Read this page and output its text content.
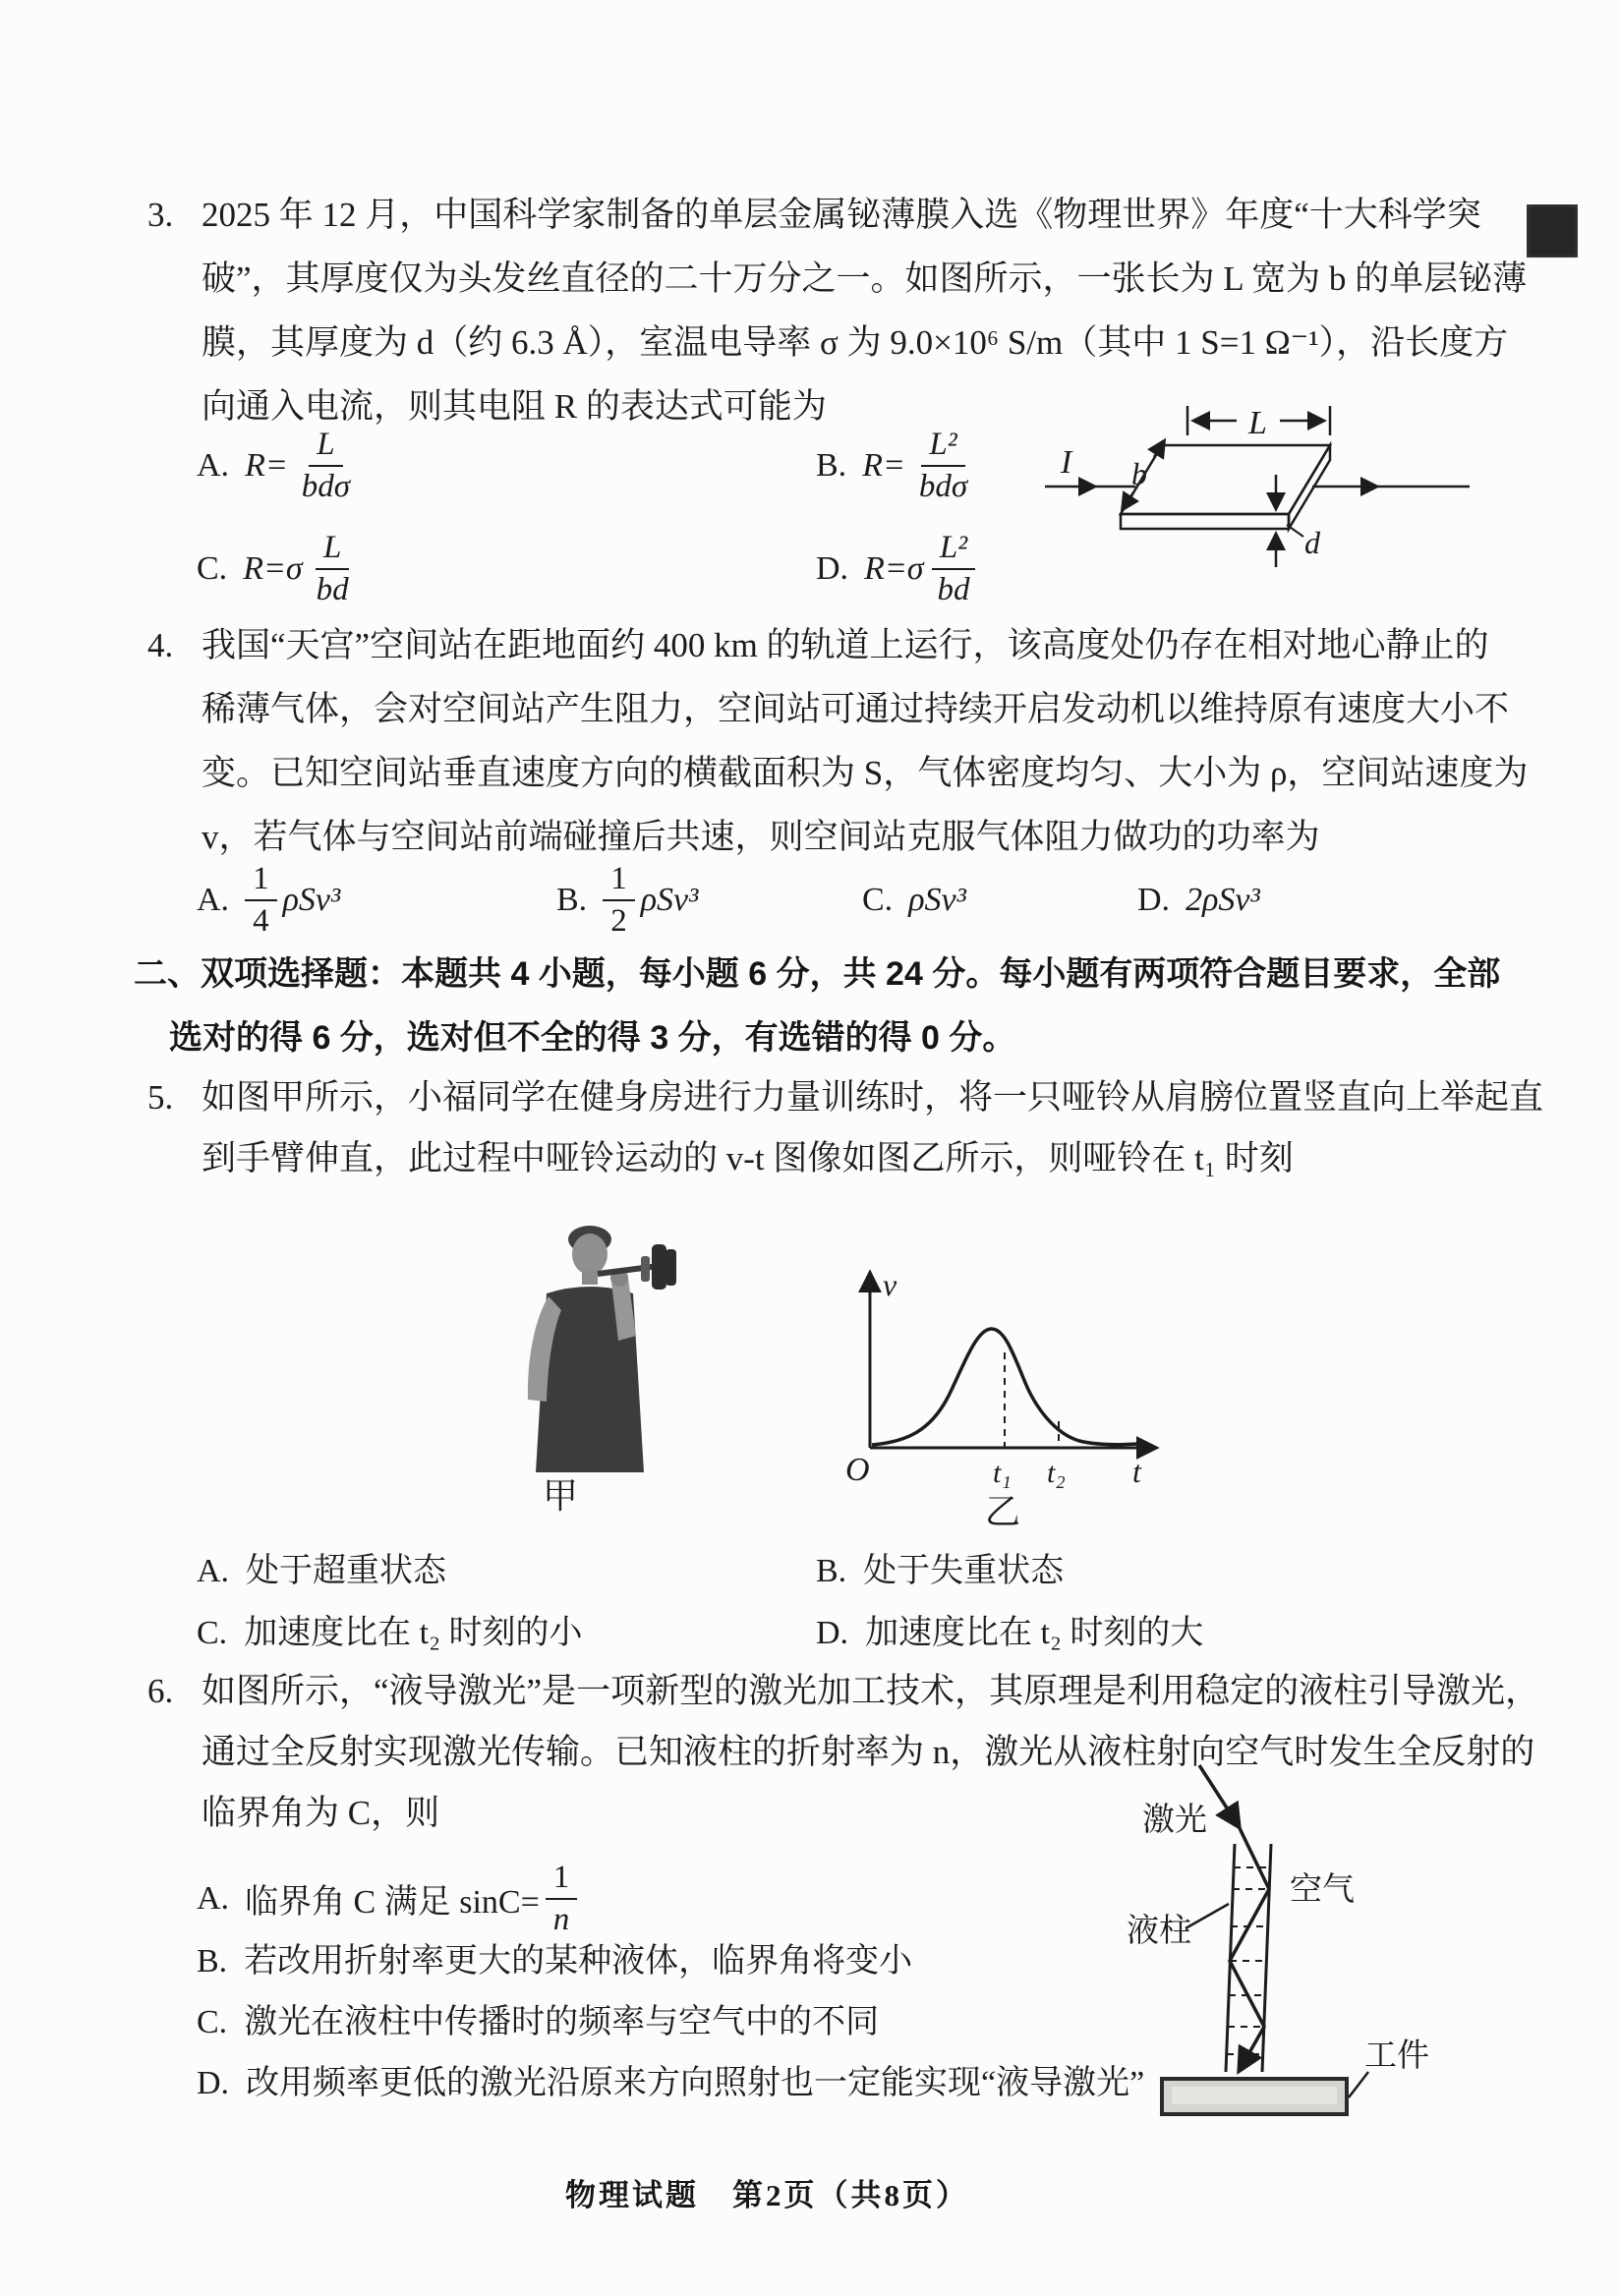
3. 2025 年 12 月，中国科学家制备的单层金属铋薄膜入选《物理世界》年度“十大科学突
破”，其厚度仅为头发丝直径的二十万分之一。如图所示，一张长为 L 宽为 b 的单层铋薄
膜，其厚度为 d（约 6.3 Å），室温电导率 σ 为 9.0×10⁶ S/m（其中 1 S=1 Ω⁻¹），沿长度方
向通入电流，则其电阻 R 的表达式可能为
A. $R= \frac{L}{\text{bdσ}}$	B. $R= \frac{\text{L²}}{\text{bdσ}}$
C. $R=\sigma \frac{L}{bd}$	D. $R=\sigma \frac{\text{L²}}{bd}$
L
I b
d
4. 我国“天宫”空间站在距地面约 400 km 的轨道上运行，该高度处仍存在相对地心静止的
稀薄气体，会对空间站产生阻力，空间站可通过持续开启发动机以维持原有速度大小不
变。已知空间站垂直速度方向的横截面积为 S，气体密度均匀、大小为 ρ，空间站速度为
v，若气体与空间站前端碰撞后共速，则空间站克服气体阻力做功的功率为
A. $\frac{1}{4} \rho Sv^3$	B. $\frac{1}{2} \rho Sv^3$	C. ρSv³	D. 2ρSv³
二、双项选择题：本题共 4 小题，每小题 6 分，共 24 分。每小题有两项符合题目要求，全部
选对的得 6 分，选对但不全的得 3 分，有选错的得 0 分。
5. 如图甲所示，小福同学在健身房进行力量训练时，将一只哑铃从肩膀位置竖直向上举起直
到手臂伸直，此过程中哑铃运动的 v-t 图像如图乙所示，则哑铃在 t₁ 时刻
甲
v
O	t₁ t₂ t
乙
A. 处于超重状态	B. 处于失重状态
C. 加速度比在 t₂ 时刻的小	D. 加速度比在 t₂ 时刻的大
6. 如图所示，“液导激光”是一项新型的激光加工技术，其原理是利用稳定的液柱引导激光，
通过全反射实现激光传输。已知液柱的折射率为 n，激光从液柱射向空气时发生全反射的
临界角为 C，则
A. 临界角 C 满足 $\sin C= \frac{1}{n}$
B. 若改用折射率更大的某种液体，临界角将变小
C. 激光在液柱中传播时的频率与空气中的不同
D. 改用频率更低的激光沿原来方向照射也一定能实现“液导激光”
激光
空气
液柱
工件
物理试题　第2页（共8页）
